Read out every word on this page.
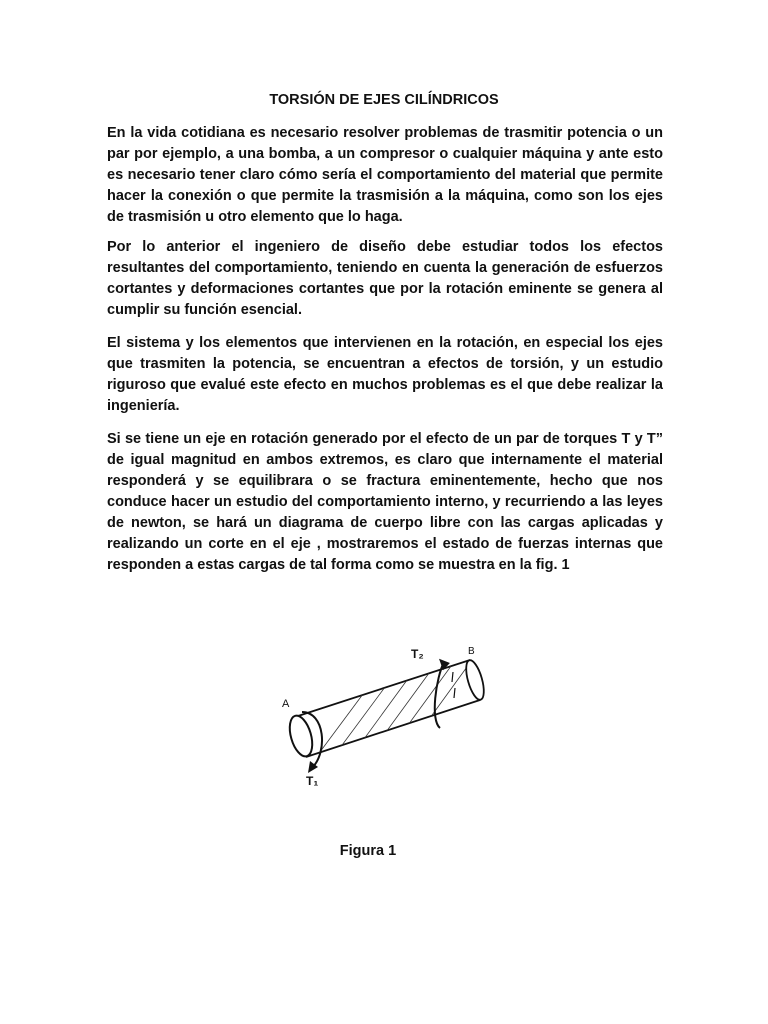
TORSIÓN DE EJES CILÍNDRICOS

En la vida cotidiana es necesario resolver problemas de trasmitir potencia o un par por ejemplo, a una bomba, a un compresor o cualquier máquina y ante esto es necesario tener claro cómo sería el comportamiento del material que permite hacer la conexión o que permite la trasmisión a la máquina, como son los ejes de trasmisión u otro elemento que lo haga.

Por lo anterior el ingeniero de diseño debe estudiar todos los efectos resultantes del comportamiento, teniendo en cuenta la generación de esfuerzos cortantes y deformaciones cortantes que por la rotación eminente se genera al cumplir su función esencial.

El sistema y los elementos que intervienen en la rotación, en especial los ejes que trasmiten la potencia, se encuentran a efectos de torsión, y un estudio riguroso que evalué este efecto en muchos problemas es el que debe realizar la ingeniería.

Si se tiene un eje en rotación generado por el efecto de un par de torques T y T” de igual magnitud en ambos extremos, es claro que internamente el material responderá y se equilibrara o se fractura eminentemente, hecho que nos conduce hacer un estudio del comportamiento interno, y recurriendo a las leyes de newton, se hará un diagrama de cuerpo libre con las cargas aplicadas y realizando un corte en el eje , mostraremos el estado de fuerzas internas que responden a estas cargas de tal forma como se muestra en la fig. 1

A
B
T₁
T₂
Figura 1
